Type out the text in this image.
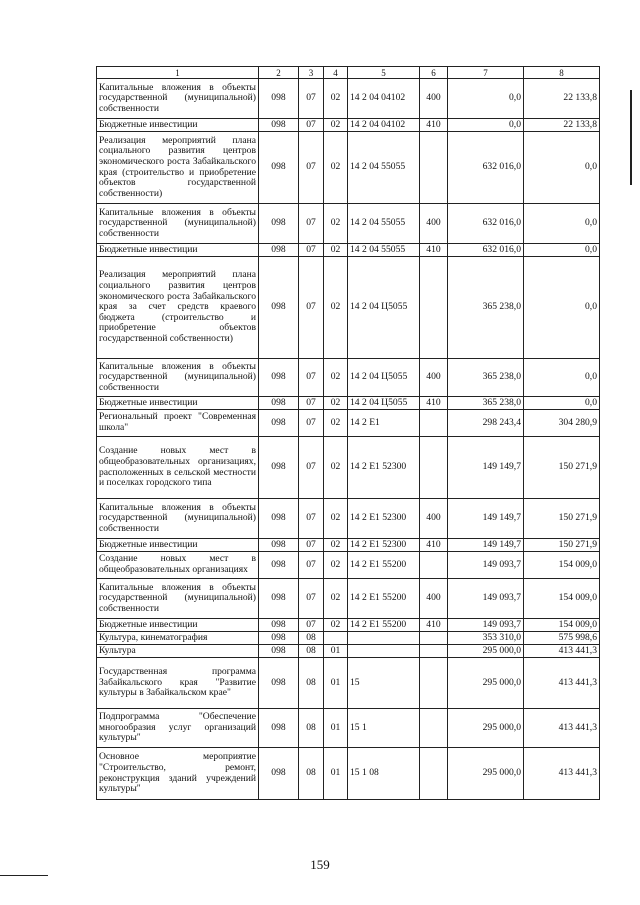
1	2	3	4	5	6	7	8
Капитальные вложения в объекты государственной (муниципальной) собственности	098	07	02	14 2 04 04102	400	0,0	22 133,8
Бюджетные инвестиции	098	07	02	14 2 04 04102	410	0,0	22 133,8
Реализация мероприятий плана социального развития центров экономического роста Забайкальского края (строительство и приобретение объектов государственной собственности)	098	07	02	14 2 04 55055		632 016,0	0,0
Капитальные вложения в объекты государственной (муниципальной) собственности	098	07	02	14 2 04 55055	400	632 016,0	0,0
Бюджетные инвестиции	098	07	02	14 2 04 55055	410	632 016,0	0,0
Реализация мероприятий плана социального развития центров экономического роста Забайкальского края за счет средств краевого бюджета (строительство и приобретение объектов государственной собственности)	098	07	02	14 2 04 Ц5055		365 238,0	0,0
Капитальные вложения в объекты государственной (муниципальной) собственности	098	07	02	14 2 04 Ц5055	400	365 238,0	0,0
Бюджетные инвестиции	098	07	02	14 2 04 Ц5055	410	365 238,0	0,0
Региональный проект "Современная школа"	098	07	02	14 2 E1		298 243,4	304 280,9
Создание новых мест в общеобразовательных организациях, расположенных в сельской местности и поселках городского типа	098	07	02	14 2 E1 52300		149 149,7	150 271,9
Капитальные вложения в объекты государственной (муниципальной) собственности	098	07	02	14 2 E1 52300	400	149 149,7	150 271,9
Бюджетные инвестиции	098	07	02	14 2 E1 52300	410	149 149,7	150 271,9
Создание новых мест в общеобразовательных организациях	098	07	02	14 2 E1 55200		149 093,7	154 009,0
Капитальные вложения в объекты государственной (муниципальной) собственности	098	07	02	14 2 E1 55200	400	149 093,7	154 009,0
Бюджетные инвестиции	098	07	02	14 2 E1 55200	410	149 093,7	154 009,0
Культура, кинематография	098	08				353 310,0	575 998,6
Культура	098	08	01			295 000,0	413 441,3
Государственная программа Забайкальского края "Развитие культуры в Забайкальском крае"	098	08	01	15		295 000,0	413 441,3
Подпрограмма "Обеспечение многообразия услуг организаций культуры"	098	08	01	15 1		295 000,0	413 441,3
Основное мероприятие "Строительство, ремонт, реконструкция зданий учреждений культуры"	098	08	01	15 1 08		295 000,0	413 441,3
159
